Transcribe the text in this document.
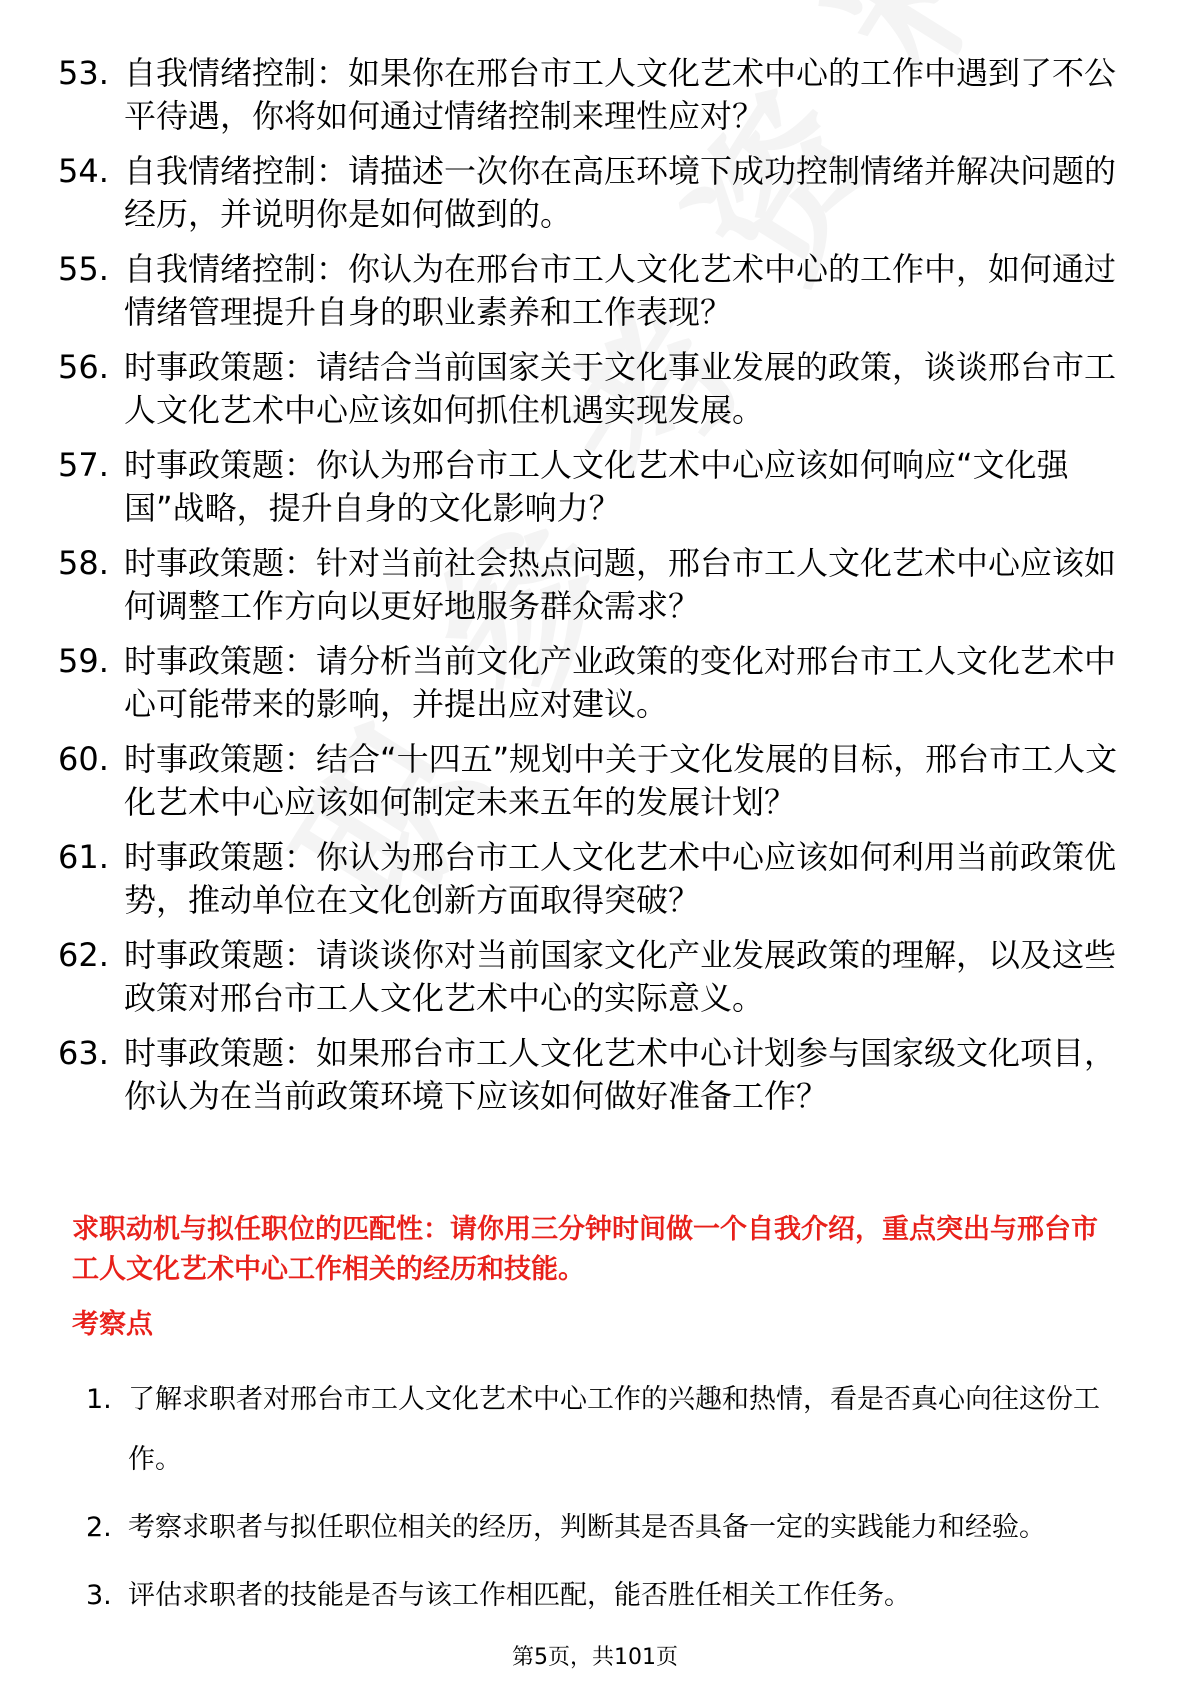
53. 自我情绪控制：如果你在邢台市工人文化艺术中心的工作中遇到了不公平待遇，你将如何通过情绪控制来理性应对？
54. 自我情绪控制：请描述一次你在高压环境下成功控制情绪并解决问题的经历，并说明你是如何做到的。
55. 自我情绪控制：你认为在邢台市工人文化艺术中心的工作中，如何通过情绪管理提升自身的职业素养和工作表现？
56. 时事政策题：请结合当前国家关于文化事业发展的政策，谈谈邢台市工人文化艺术中心应该如何抓住机遇实现发展。
57. 时事政策题：你认为邢台市工人文化艺术中心应该如何响应“文化强国”战略，提升自身的文化影响力？
58. 时事政策题：针对当前社会热点问题，邢台市工人文化艺术中心应该如何调整工作方向以更好地服务群众需求？
59. 时事政策题：请分析当前文化产业政策的变化对邢台市工人文化艺术中心可能带来的影响，并提出应对建议。
60. 时事政策题：结合“十四五”规划中关于文化发展的目标，邢台市工人文化艺术中心应该如何制定未来五年的发展计划？
61. 时事政策题：你认为邢台市工人文化艺术中心应该如何利用当前政策优势，推动单位在文化创新方面取得突破？
62. 时事政策题：请谈谈你对当前国家文化产业发展政策的理解，以及这些政策对邢台市工人文化艺术中心的实际意义。
63. 时事政策题：如果邢台市工人文化艺术中心计划参与国家级文化项目，你认为在当前政策环境下应该如何做好准备工作？
求职动机与拟任职位的匹配性：请你用三分钟时间做一个自我介绍，重点突出与邢台市工人文化艺术中心工作相关的经历和技能。
考察点
1. 了解求职者对邢台市工人文化艺术中心工作的兴趣和热情，看是否真心向往这份工作。
2. 考察求职者与拟任职位相关的经历，判断其是否具备一定的实践能力和经验。
3. 评估求职者的技能是否与该工作相匹配，能否胜任相关工作任务。
第5页，共101页
